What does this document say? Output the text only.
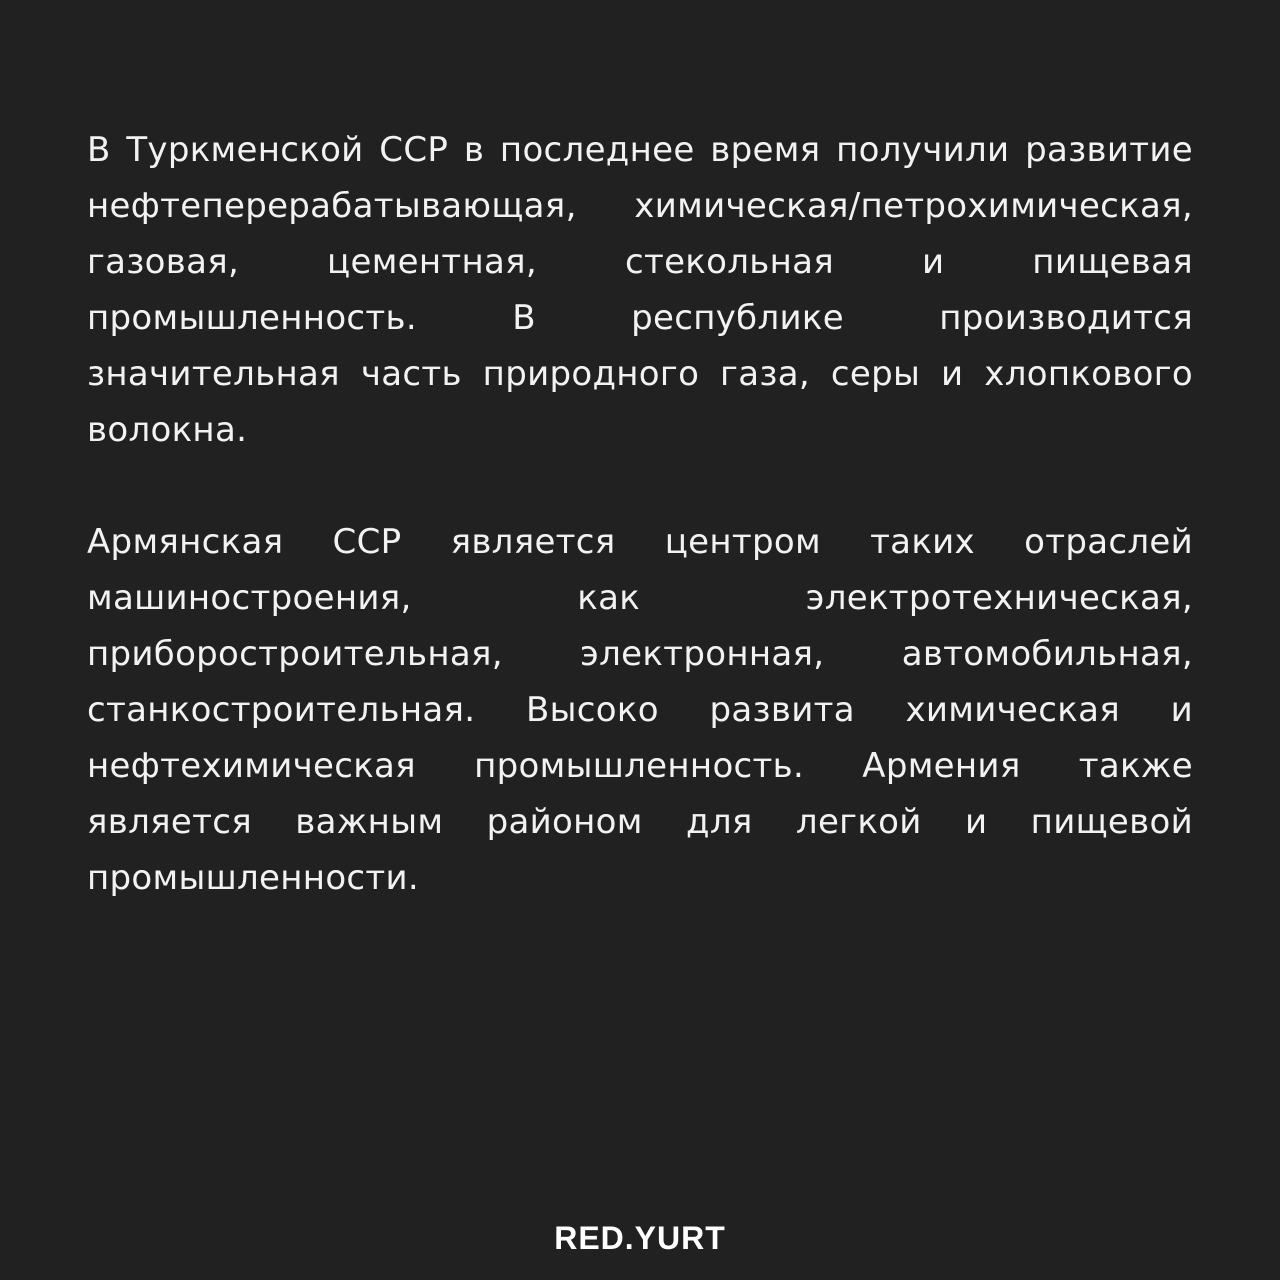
В Туркменской ССР в последнее время получили развитие нефтеперерабатывающая, химическая/петрохимическая, газовая, цементная, стекольная и пищевая промышленность. В республике производится значительная часть природного газа, серы и хлопкового волокна.

Армянская ССР является центром таких отраслей машиностроения, как электротехническая, приборостроительная, электронная, автомобильная, станкостроительная. Высоко развита химическая и нефтехимическая промышленность. Армения также является важным районом для легкой и пищевой промышленности.

RED.YURT
